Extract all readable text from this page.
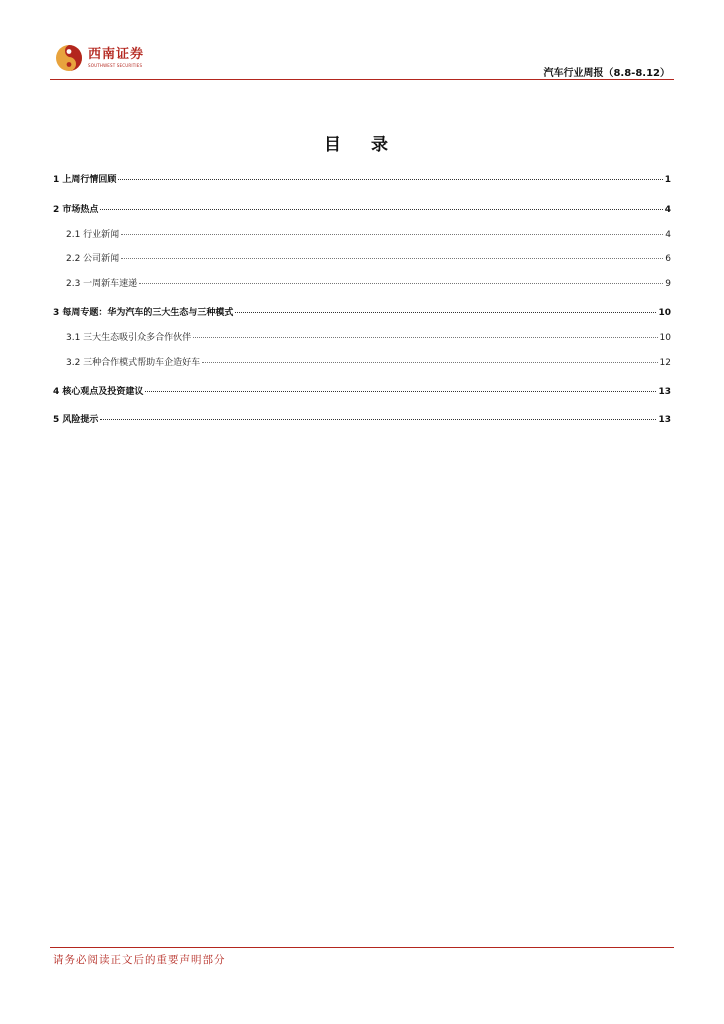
西南证券
SOUTHWEST SECURITIES
汽车行业周报（8.8-8.12）
目 录
1 上周行情回顾	1
2 市场热点	4
2.1 行业新闻	4
2.2 公司新闻	6
2.3 一周新车速递	9
3 每周专题：华为汽车的三大生态与三种模式	10
3.1 三大生态吸引众多合作伙伴	10
3.2 三种合作模式帮助车企造好车	12
4 核心观点及投资建议	13
5 风险提示	13
请务必阅读正文后的重要声明部分
